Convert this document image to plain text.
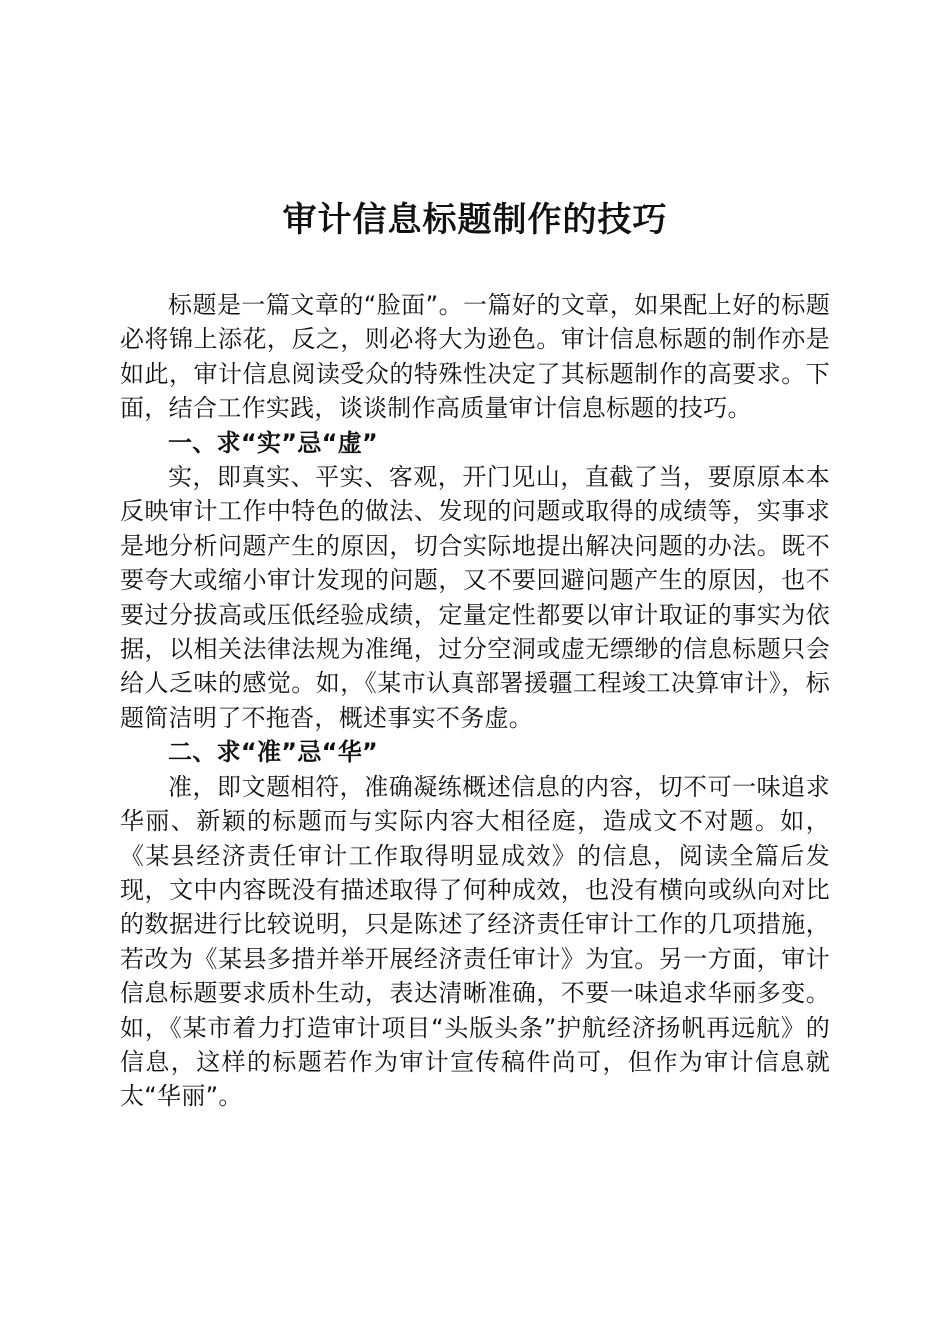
审计信息标题制作的技巧

标题是一篇文章的“脸面”。一篇好的文章，如果配上好的标题必将锦上添花，反之，则必将大为逊色。审计信息标题的制作亦是如此，审计信息阅读受众的特殊性决定了其标题制作的高要求。下面，结合工作实践，谈谈制作高质量审计信息标题的技巧。

一、求“实”忌“虚”

实，即真实、平实、客观，开门见山，直截了当，要原原本本反映审计工作中特色的做法、发现的问题或取得的成绩等，实事求是地分析问题产生的原因，切合实际地提出解决问题的办法。既不要夸大或缩小审计发现的问题，又不要回避问题产生的原因，也不要过分拔高或压低经验成绩，定量定性都要以审计取证的事实为依据，以相关法律法规为准绳，过分空洞或虚无缥缈的信息标题只会给人乏味的感觉。如，《某市认真部署援疆工程竣工决算审计》，标题简洁明了不拖沓，概述事实不务虚。

二、求“准”忌“华”

准，即文题相符，准确凝练概述信息的内容，切不可一味追求华丽、新颖的标题而与实际内容大相径庭，造成文不对题。如，《某县经济责任审计工作取得明显成效》的信息，阅读全篇后发现，文中内容既没有描述取得了何种成效，也没有横向或纵向对比的数据进行比较说明，只是陈述了经济责任审计工作的几项措施，若改为《某县多措并举开展经济责任审计》为宜。另一方面，审计信息标题要求质朴生动，表达清晰准确，不要一味追求华丽多变。如，《某市着力打造审计项目“头版头条”护航经济扬帆再远航》的信息，这样的标题若作为审计宣传稿件尚可，但作为审计信息就太“华丽”。
